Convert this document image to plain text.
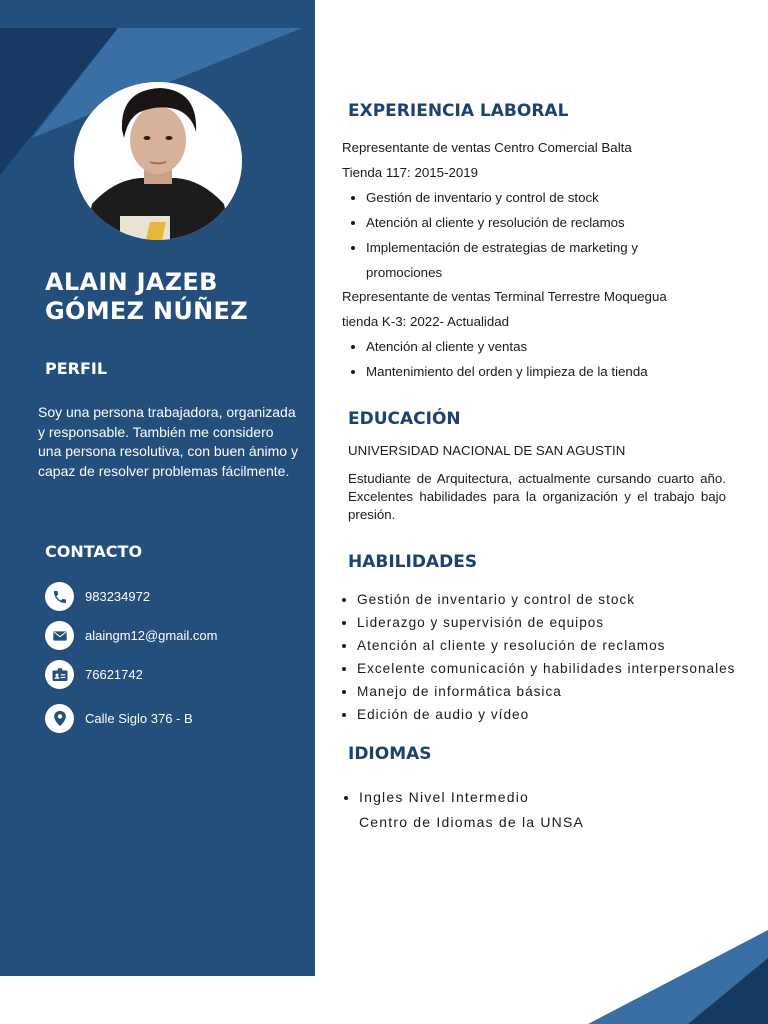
ALAIN JAZEB
GÓMEZ NÚÑEZ
PERFIL
Soy una persona trabajadora, organizada y responsable. También me considero una persona resolutiva, con buen ánimo y capaz de resolver problemas fácilmente.
CONTACTO
983234972
alaingm12@gmail.com
76621742
Calle Siglo 376 - B
EXPERIENCIA LABORAL

Representante de ventas Centro Comercial Balta

Tienda 117: 2015-2019

• Gestión de inventario y control de stock
• Atención al cliente y resolución de reclamos
• Implementación de estrategias de marketing y promociones

Representante de ventas Terminal Terrestre Moquegua

tienda K-3: 2022- Actualidad

• Atención al cliente y ventas
• Mantenimiento del orden y limpieza de la tienda
EDUCACIÓN
UNIVERSIDAD NACIONAL DE SAN AGUSTIN
Estudiante de Arquitectura, actualmente cursando cuarto año. Excelentes habilidades para la organización y el trabajo bajo presión.
HABILIDADES
• Gestión de inventario y control de stock
• Liderazgo y supervisión de equipos
• Atención al cliente y resolución de reclamos
• Excelente comunicación y habilidades interpersonales
• Manejo de informática básica
• Edición de audio y vídeo
IDIOMAS
• Ingles Nivel Intermedio
Centro de Idiomas de la UNSA
